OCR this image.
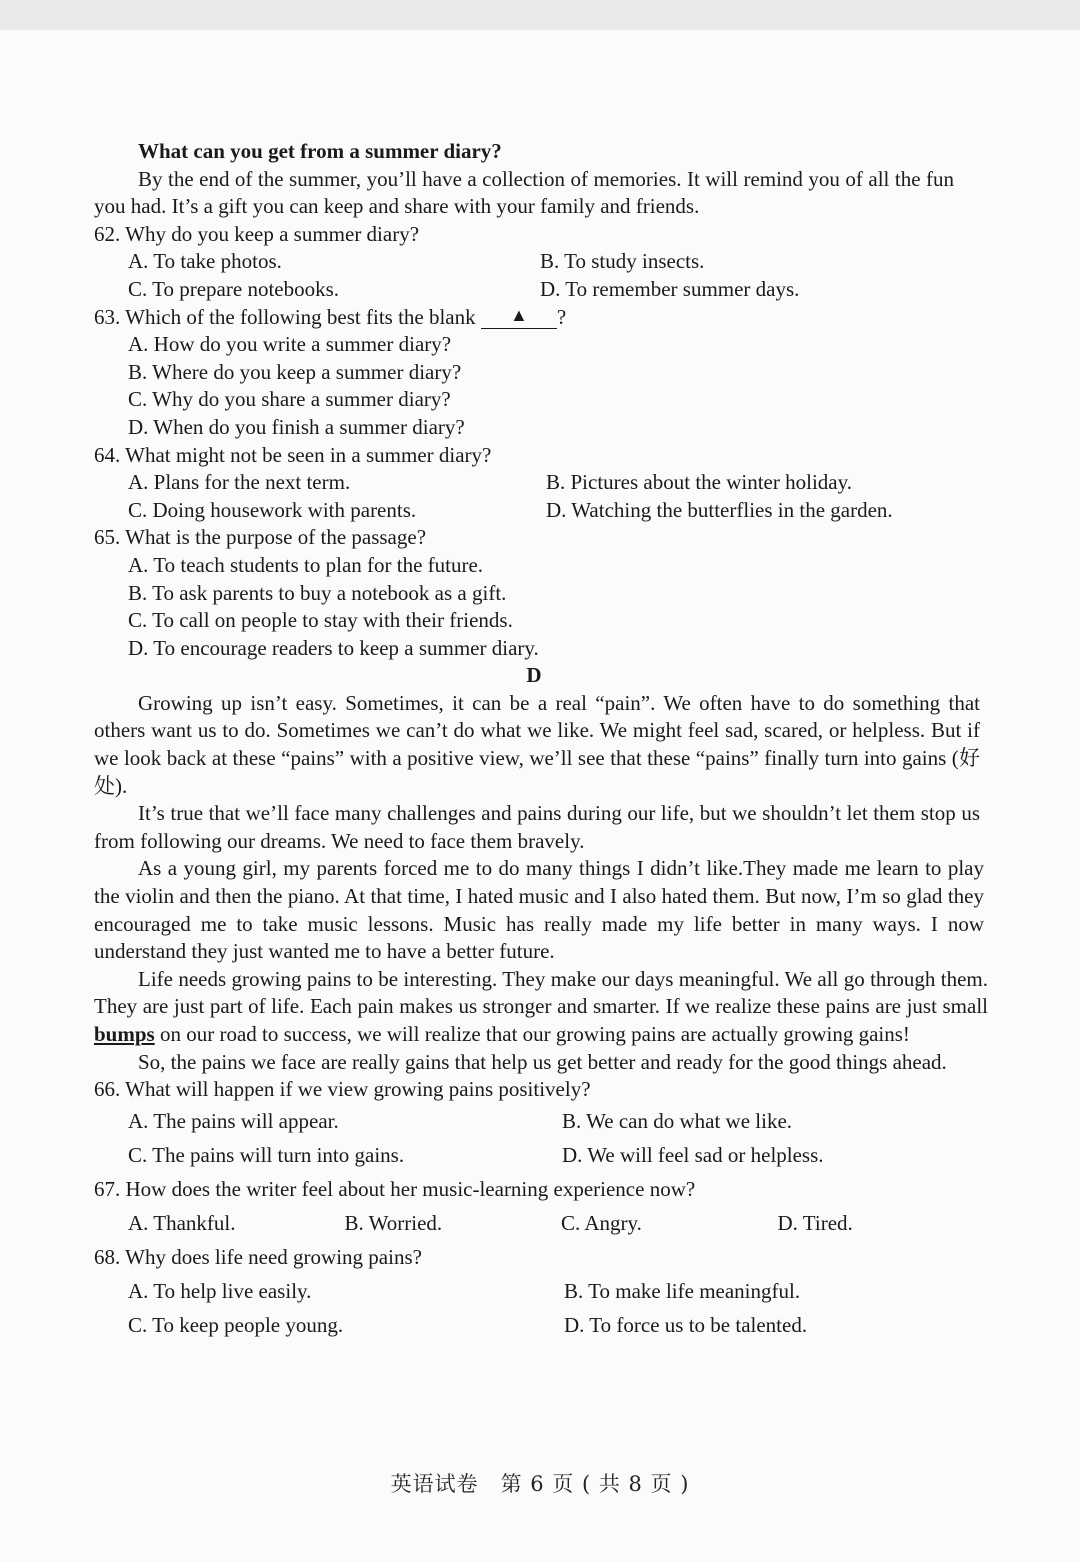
What can you get from a summer diary?
By the end of the summer, you’ll have a collection of memories. It will remind you of all the fun you had. It’s a gift you can keep and share with your family and friends.
62. Why do you keep a summer diary?
A. To take photos.	B. To study insects.
C. To prepare notebooks.	D. To remember summer days.
63. Which of the following best fits the blank ▲ ?
A. How do you write a summer diary?
B. Where do you keep a summer diary?
C. Why do you share a summer diary?
D. When do you finish a summer diary?
64. What might not be seen in a summer diary?
A. Plans for the next term.	B. Pictures about the winter holiday.
C. Doing housework with parents.	D. Watching the butterflies in the garden.
65. What is the purpose of the passage?
A. To teach students to plan for the future.
B. To ask parents to buy a notebook as a gift.
C. To call on people to stay with their friends.
D. To encourage readers to keep a summer diary.
D
Growing up isn’t easy. Sometimes, it can be a real “pain”. We often have to do something that others want us to do. Sometimes we can’t do what we like. We might feel sad, scared, or helpless. But if we look back at these “pains” with a positive view, we’ll see that these “pains” finally turn into gains (好处).
It’s true that we’ll face many challenges and pains during our life, but we shouldn’t let them stop us from following our dreams. We need to face them bravely.
As a young girl, my parents forced me to do many things I didn’t like.They made me learn to play the violin and then the piano. At that time, I hated music and I also hated them. But now, I’m so glad they encouraged me to take music lessons. Music has really made my life better in many ways. I now understand they just wanted me to have a better future.
Life needs growing pains to be interesting. They make our days meaningful. We all go through them. They are just part of life. Each pain makes us stronger and smarter. If we realize these pains are just small bumps on our road to success, we will realize that our growing pains are actually growing gains!
So, the pains we face are really gains that help us get better and ready for the good things ahead.
66. What will happen if we view growing pains positively?
A. The pains will appear.	B. We can do what we like.
C. The pains will turn into gains.	D. We will feel sad or helpless.
67. How does the writer feel about her music-learning experience now?
A. Thankful.	B. Worried.	C. Angry.	D. Tired.
68. Why does life need growing pains?
A. To help live easily.	B. To make life meaningful.
C. To keep people young.	D. To force us to be talented.
英语试卷　第 6 页 ( 共 8 页 )
